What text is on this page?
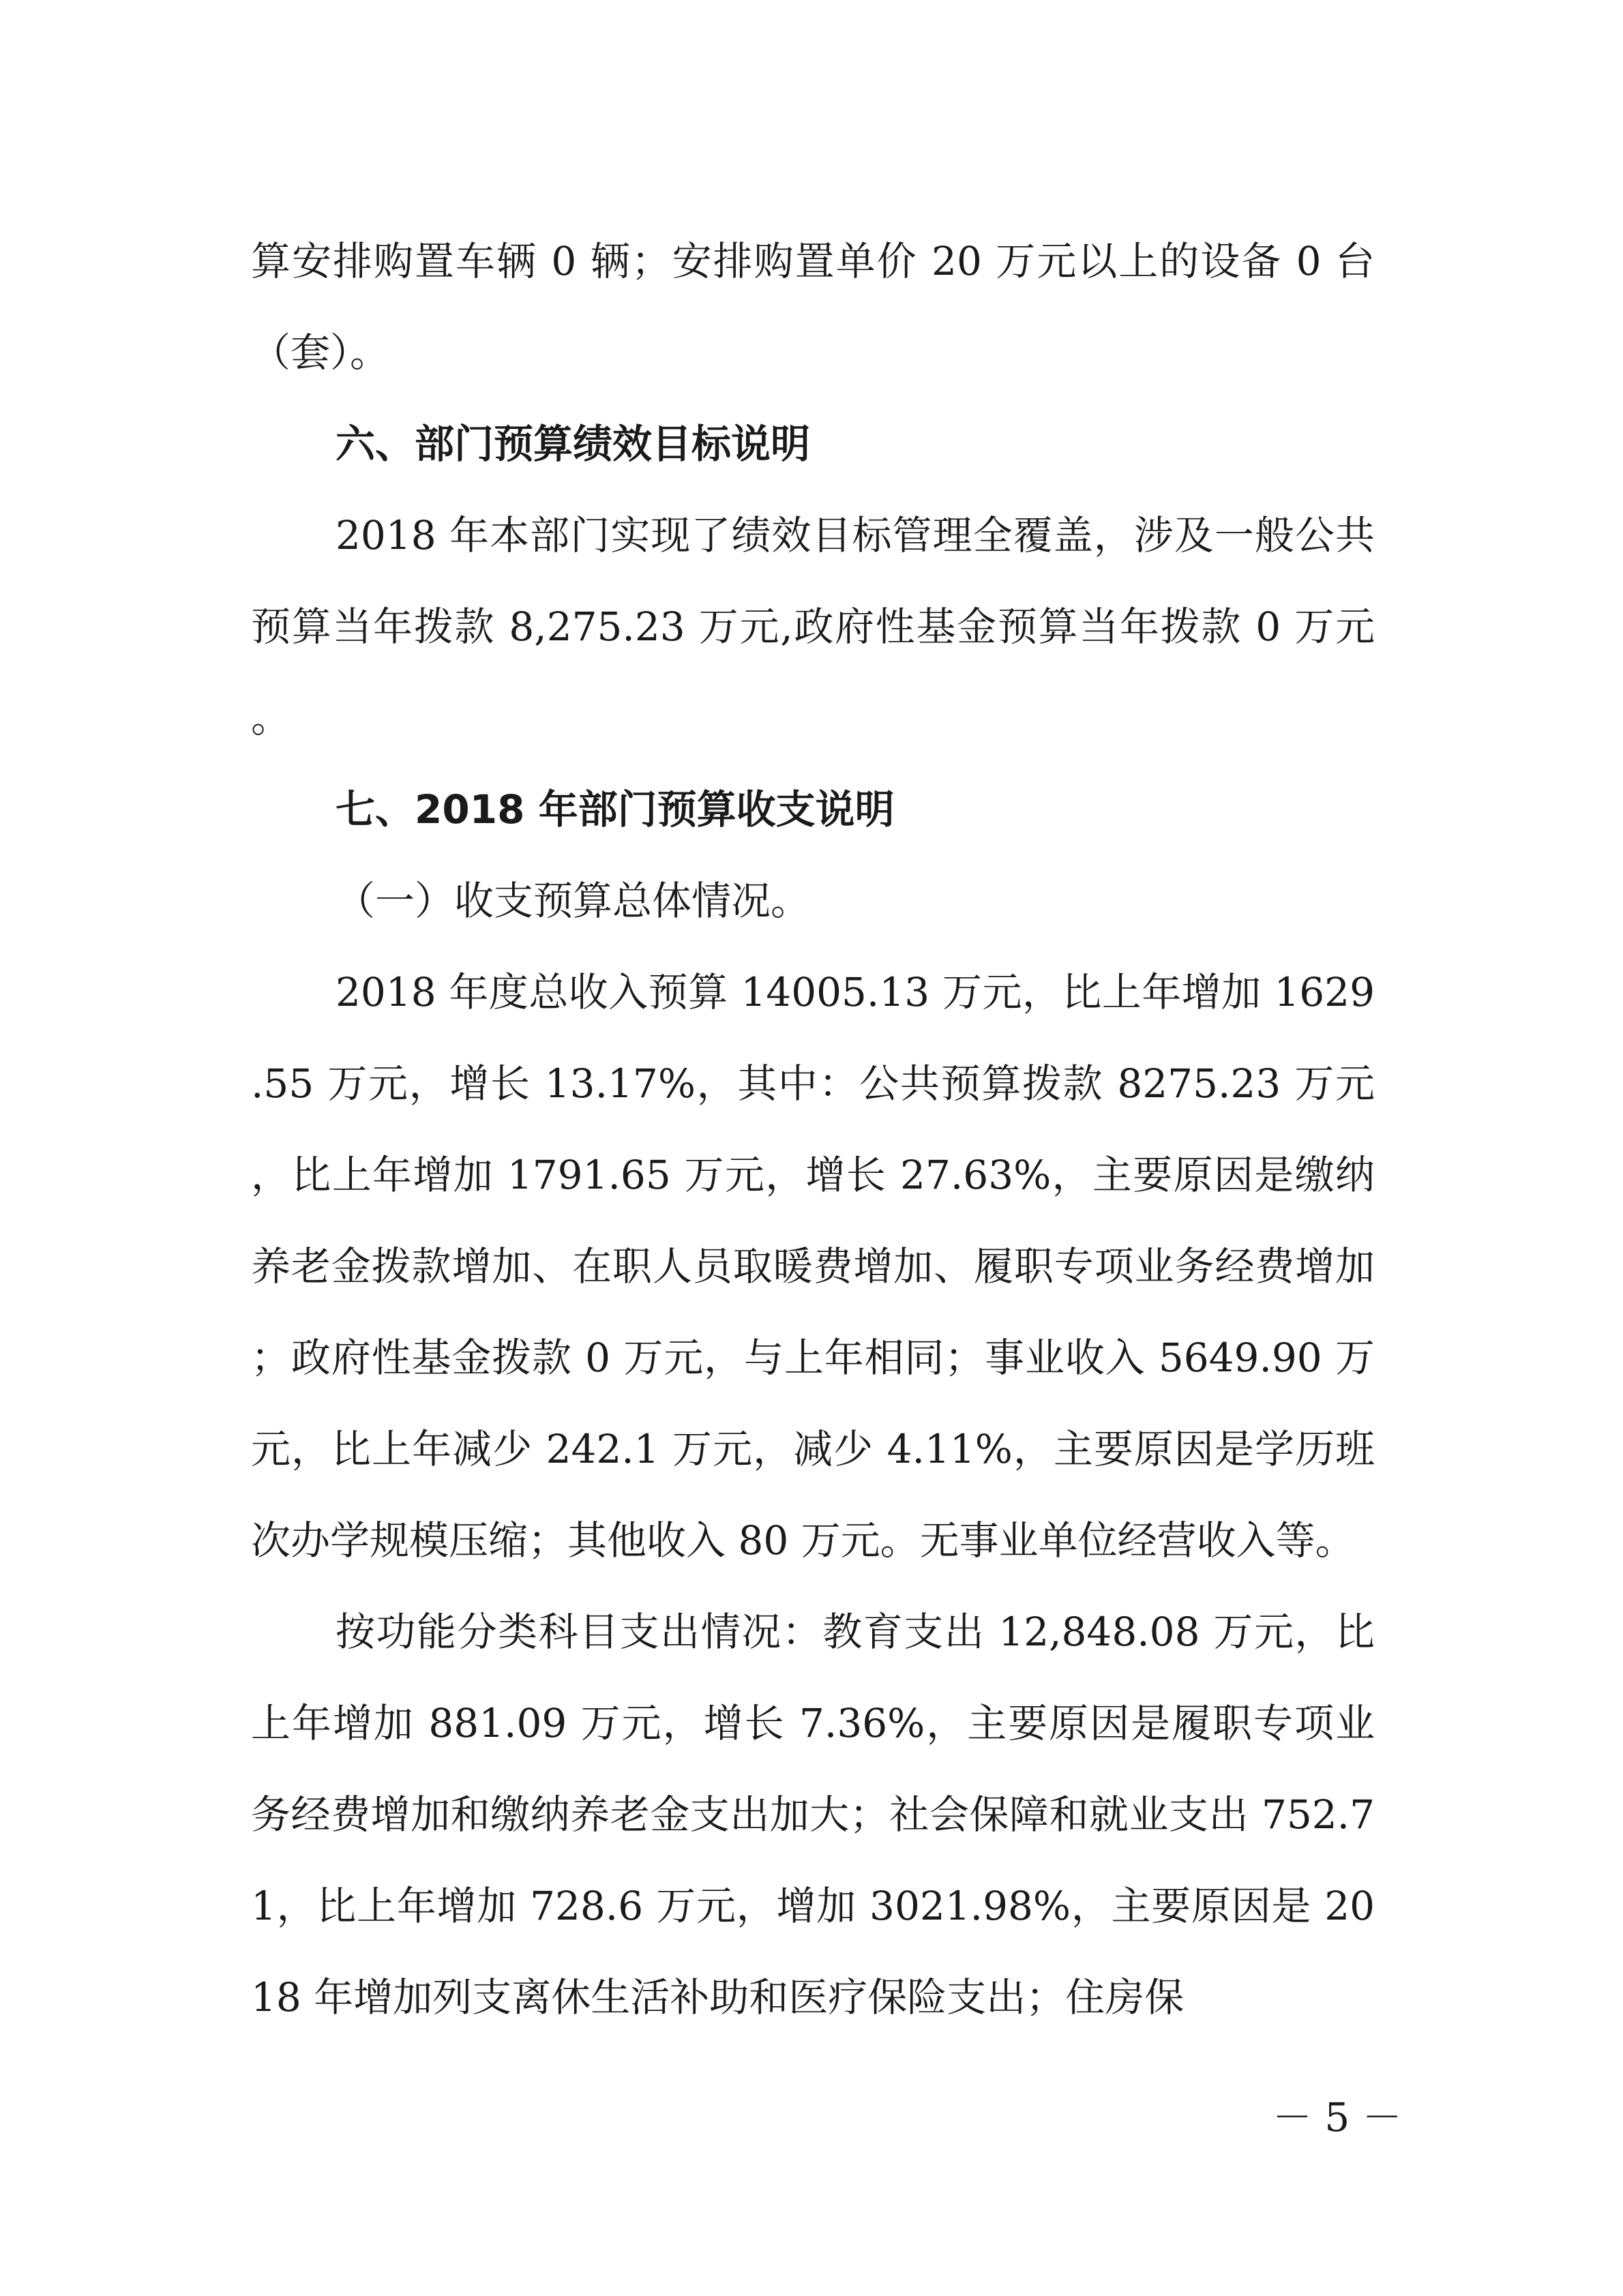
算安排购置车辆 0 辆；安排购置单价 20 万元以上的设备 0 台（套）。

六、部门预算绩效目标说明

2018 年本部门实现了绩效目标管理全覆盖，涉及一般公共预算当年拨款 8,275.23 万元,政府性基金预算当年拨款 0 万元。

七、2018 年部门预算收支说明

（一）收支预算总体情况。

2018 年度总收入预算 14005.13 万元，比上年增加 1629.55 万元，增长 13.17%，其中：公共预算拨款 8275.23 万元，比上年增加 1791.65 万元，增长 27.63%，主要原因是缴纳养老金拨款增加、在职人员取暖费增加、履职专项业务经费增加；政府性基金拨款 0 万元，与上年相同；事业收入 5649.90 万元，比上年减少 242.1 万元，减少 4.11%，主要原因是学历班次办学规模压缩；其他收入 80 万元。无事业单位经营收入等。

按功能分类科目支出情况：教育支出 12,848.08 万元，比上年增加 881.09 万元，增长 7.36%，主要原因是履职专项业务经费增加和缴纳养老金支出加大；社会保障和就业支出 752.71，比上年增加 728.6 万元，增加 3021.98%，主要原因是 2018 年增加列支离休生活补助和医疗保险支出；住房保

－ 5 －
